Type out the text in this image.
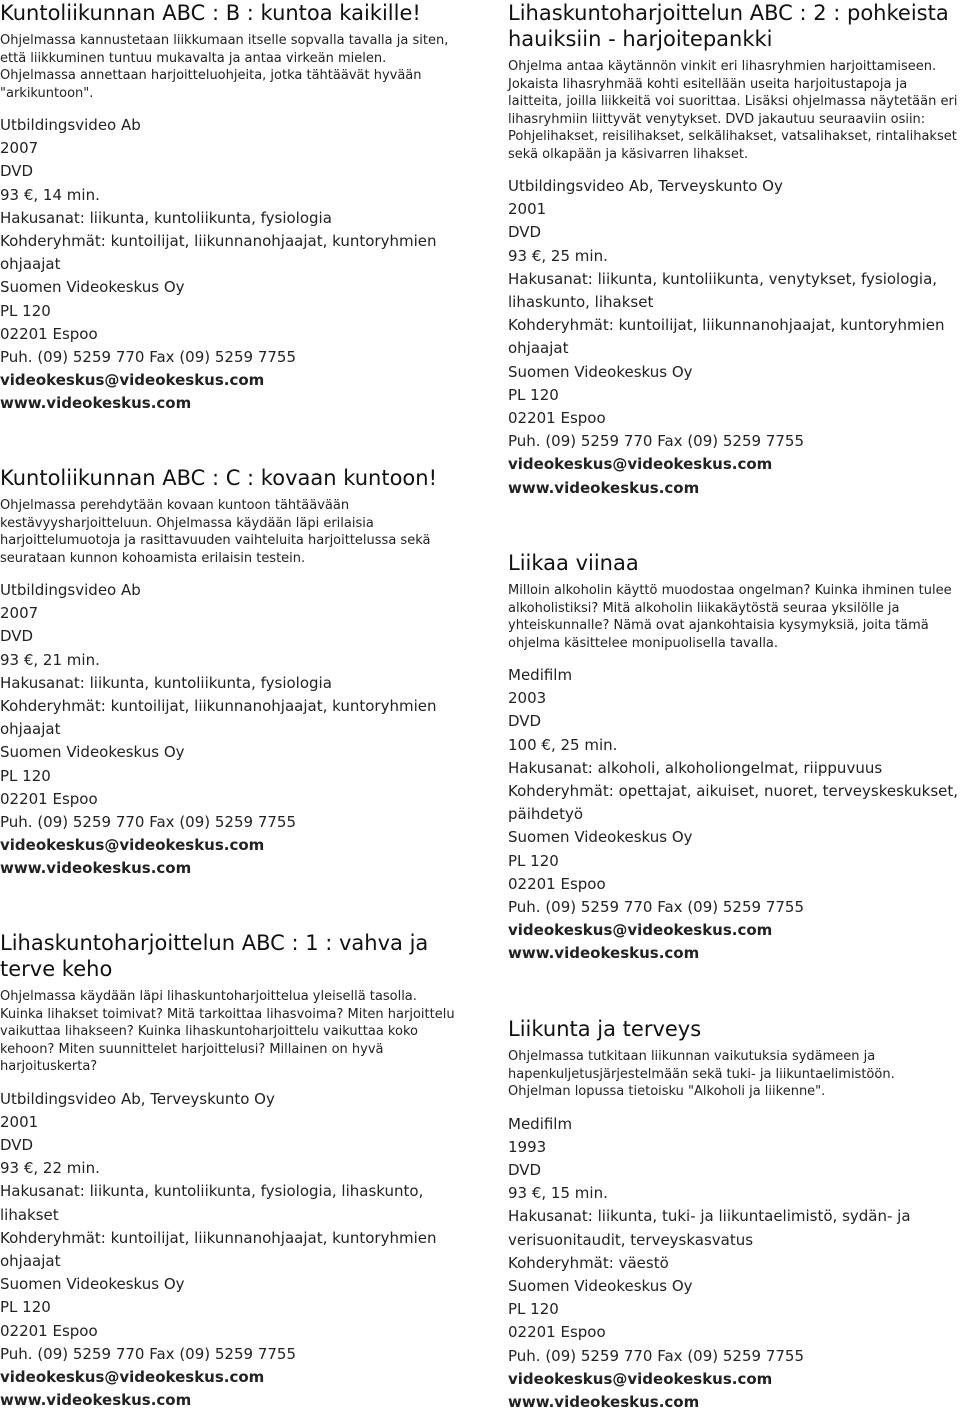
Kuntoliikunnan ABC : B : kuntoa kaikille!

Ohjelmassa kannustetaan liikkumaan itselle sopvalla tavalla ja siten, että liikkuminen tuntuu mukavalta ja antaa virkeän mielen. Ohjelmassa annettaan harjoitteluohjeita, jotka tähtäävät hyvään "arkikuntoon".

Utbildingsvideo Ab
2007
DVD
93 €, 14 min.
Hakusanat: liikunta, kuntoliikunta, fysiologia
Kohderyhmät: kuntoilijat, liikunnanohjaajat, kuntoryhmien ohjaajat
Suomen Videokeskus Oy
PL 120
02201 Espoo
Puh. (09) 5259 770 Fax (09) 5259 7755
videokeskus@videokeskus.com
www.videokeskus.com
Kuntoliikunnan ABC : C : kovaan kuntoon!

Ohjelmassa perehdytään kovaan kuntoon tähtäävään kestävyysharjoitteluun. Ohjelmassa käydään läpi erilaisia harjoittelumuotoja ja rasittavuuden vaihteluita harjoittelussa sekä seurataan kunnon kohoamista erilaisin testein.

Utbildingsvideo Ab
2007
DVD
93 €, 21 min.
Hakusanat: liikunta, kuntoliikunta, fysiologia
Kohderyhmät: kuntoilijat, liikunnanohjaajat, kuntoryhmien ohjaajat
Suomen Videokeskus Oy
PL 120
02201 Espoo
Puh. (09) 5259 770 Fax (09) 5259 7755
videokeskus@videokeskus.com
www.videokeskus.com
Lihaskuntoharjoittelun ABC : 1 : vahva ja terve keho

Ohjelmassa käydään läpi lihaskuntoharjoittelua yleisellä tasolla. Kuinka lihakset toimivat? Mitä tarkoittaa lihasvoima? Miten harjoittelu vaikuttaa lihakseen? Kuinka lihaskuntoharjoittelu vaikuttaa koko kehoon? Miten suunnittelet harjoittelusi? Millainen on hyvä harjoituskerta?

Utbildingsvideo Ab, Terveyskunto Oy
2001
DVD
93 €, 22 min.
Hakusanat: liikunta, kuntoliikunta, fysiologia, lihaskunto, lihakset
Kohderyhmät: kuntoilijat, liikunnanohjaajat, kuntoryhmien ohjaajat
Suomen Videokeskus Oy
PL 120
02201 Espoo
Puh. (09) 5259 770 Fax (09) 5259 7755
videokeskus@videokeskus.com
www.videokeskus.com
Lihaskuntoharjoittelun ABC : 2 : pohkeista hauiksiin - harjoitepankki

Ohjelma antaa käytännön vinkit eri lihasryhmien harjoittamiseen. Jokaista lihasryhmää kohti esitellään useita harjoitustapoja ja laitteita, joilla liikkeitä voi suorittaa. Lisäksi ohjelmassa näytetään eri lihasryhmiin liittyvät venytykset. DVD jakautuu seuraaviin osiin: Pohjelihakset, reisilihakset, selkälihakset, vatsalihakset, rintalihakset sekä olkapään ja käsivarren lihakset.

Utbildingsvideo Ab, Terveyskunto Oy
2001
DVD
93 €, 25 min.
Hakusanat: liikunta, kuntoliikunta, venytykset, fysiologia, lihaskunto, lihakset
Kohderyhmät: kuntoilijat, liikunnanohjaajat, kuntoryhmien ohjaajat
Suomen Videokeskus Oy
PL 120
02201 Espoo
Puh. (09) 5259 770 Fax (09) 5259 7755
videokeskus@videokeskus.com
www.videokeskus.com
Liikaa viinaa

Milloin alkoholin käyttö muodostaa ongelman? Kuinka ihminen tulee alkoholistiksi? Mitä alkoholin liikakäytöstä seuraa yksilölle ja yhteiskunnalle? Nämä ovat ajankohtaisia kysymyksiä, joita tämä ohjelma käsittelee monipuolisella tavalla.

Medifilm
2003
DVD
100 €, 25 min.
Hakusanat: alkoholi, alkoholiongelmat, riippuvuus
Kohderyhmät: opettajat, aikuiset, nuoret, terveyskeskukset, päihdetyö
Suomen Videokeskus Oy
PL 120
02201 Espoo
Puh. (09) 5259 770 Fax (09) 5259 7755
videokeskus@videokeskus.com
www.videokeskus.com
Liikunta ja terveys

Ohjelmassa tutkitaan liikunnan vaikutuksia sydämeen ja hapenkuljetusjärjestelmään sekä tuki- ja liikuntaelimistöön. Ohjelman lopussa tietoisku "Alkoholi ja liikenne".

Medifilm
1993
DVD
93 €, 15 min.
Hakusanat: liikunta, tuki- ja liikuntaelimistö, sydän- ja verisuonitaudit, terveyskasvatus
Kohderyhmät: väestö
Suomen Videokeskus Oy
PL 120
02201 Espoo
Puh. (09) 5259 770 Fax (09) 5259 7755
videokeskus@videokeskus.com
www.videokeskus.com
